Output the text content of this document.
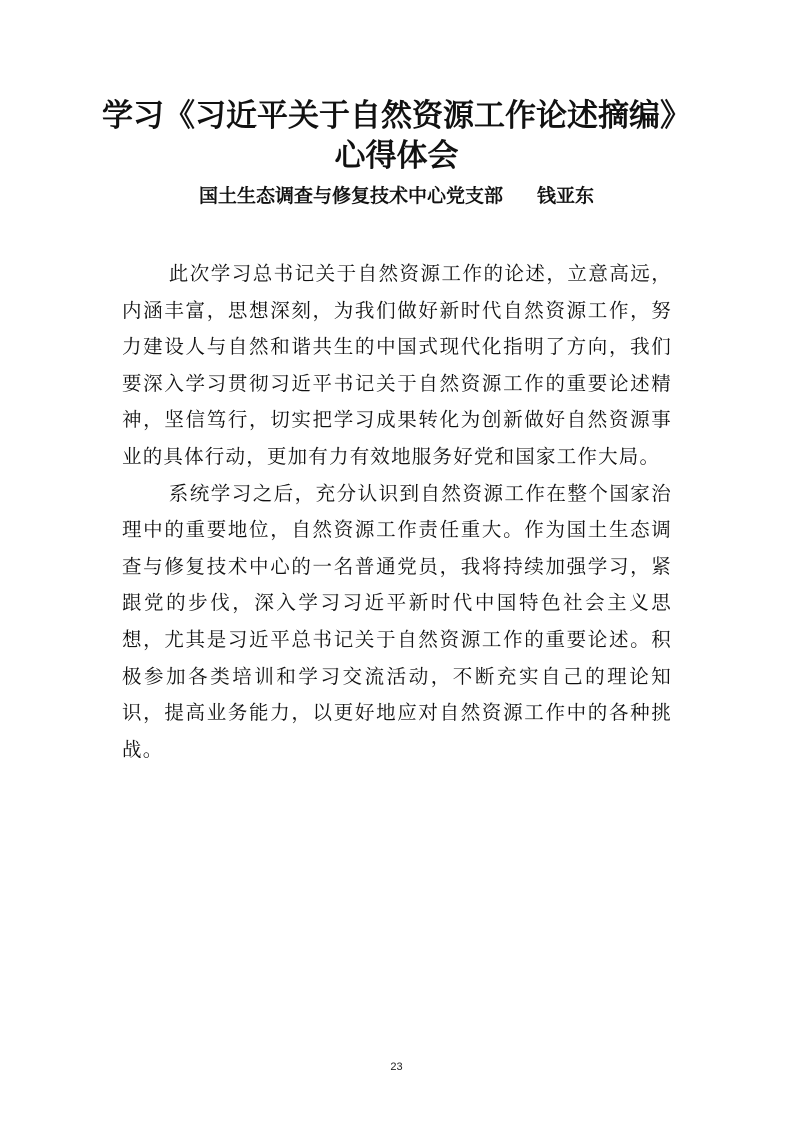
学习《习近平关于自然资源工作论述摘编》
心得体会
国土生态调查与修复技术中心党支部 钱亚东

此次学习总书记关于自然资源工作的论述，立意高远，内涵丰富，思想深刻，为我们做好新时代自然资源工作，努力建设人与自然和谐共生的中国式现代化指明了方向，我们要深入学习贯彻习近平书记关于自然资源工作的重要论述精神，坚信笃行，切实把学习成果转化为创新做好自然资源事业的具体行动，更加有力有效地服务好党和国家工作大局。

系统学习之后，充分认识到自然资源工作在整个国家治理中的重要地位，自然资源工作责任重大。作为国土生态调查与修复技术中心的一名普通党员，我将持续加强学习，紧跟党的步伐，深入学习习近平新时代中国特色社会主义思想，尤其是习近平总书记关于自然资源工作的重要论述。积极参加各类培训和学习交流活动，不断充实自己的理论知识，提高业务能力，以更好地应对自然资源工作中的各种挑战。

23
